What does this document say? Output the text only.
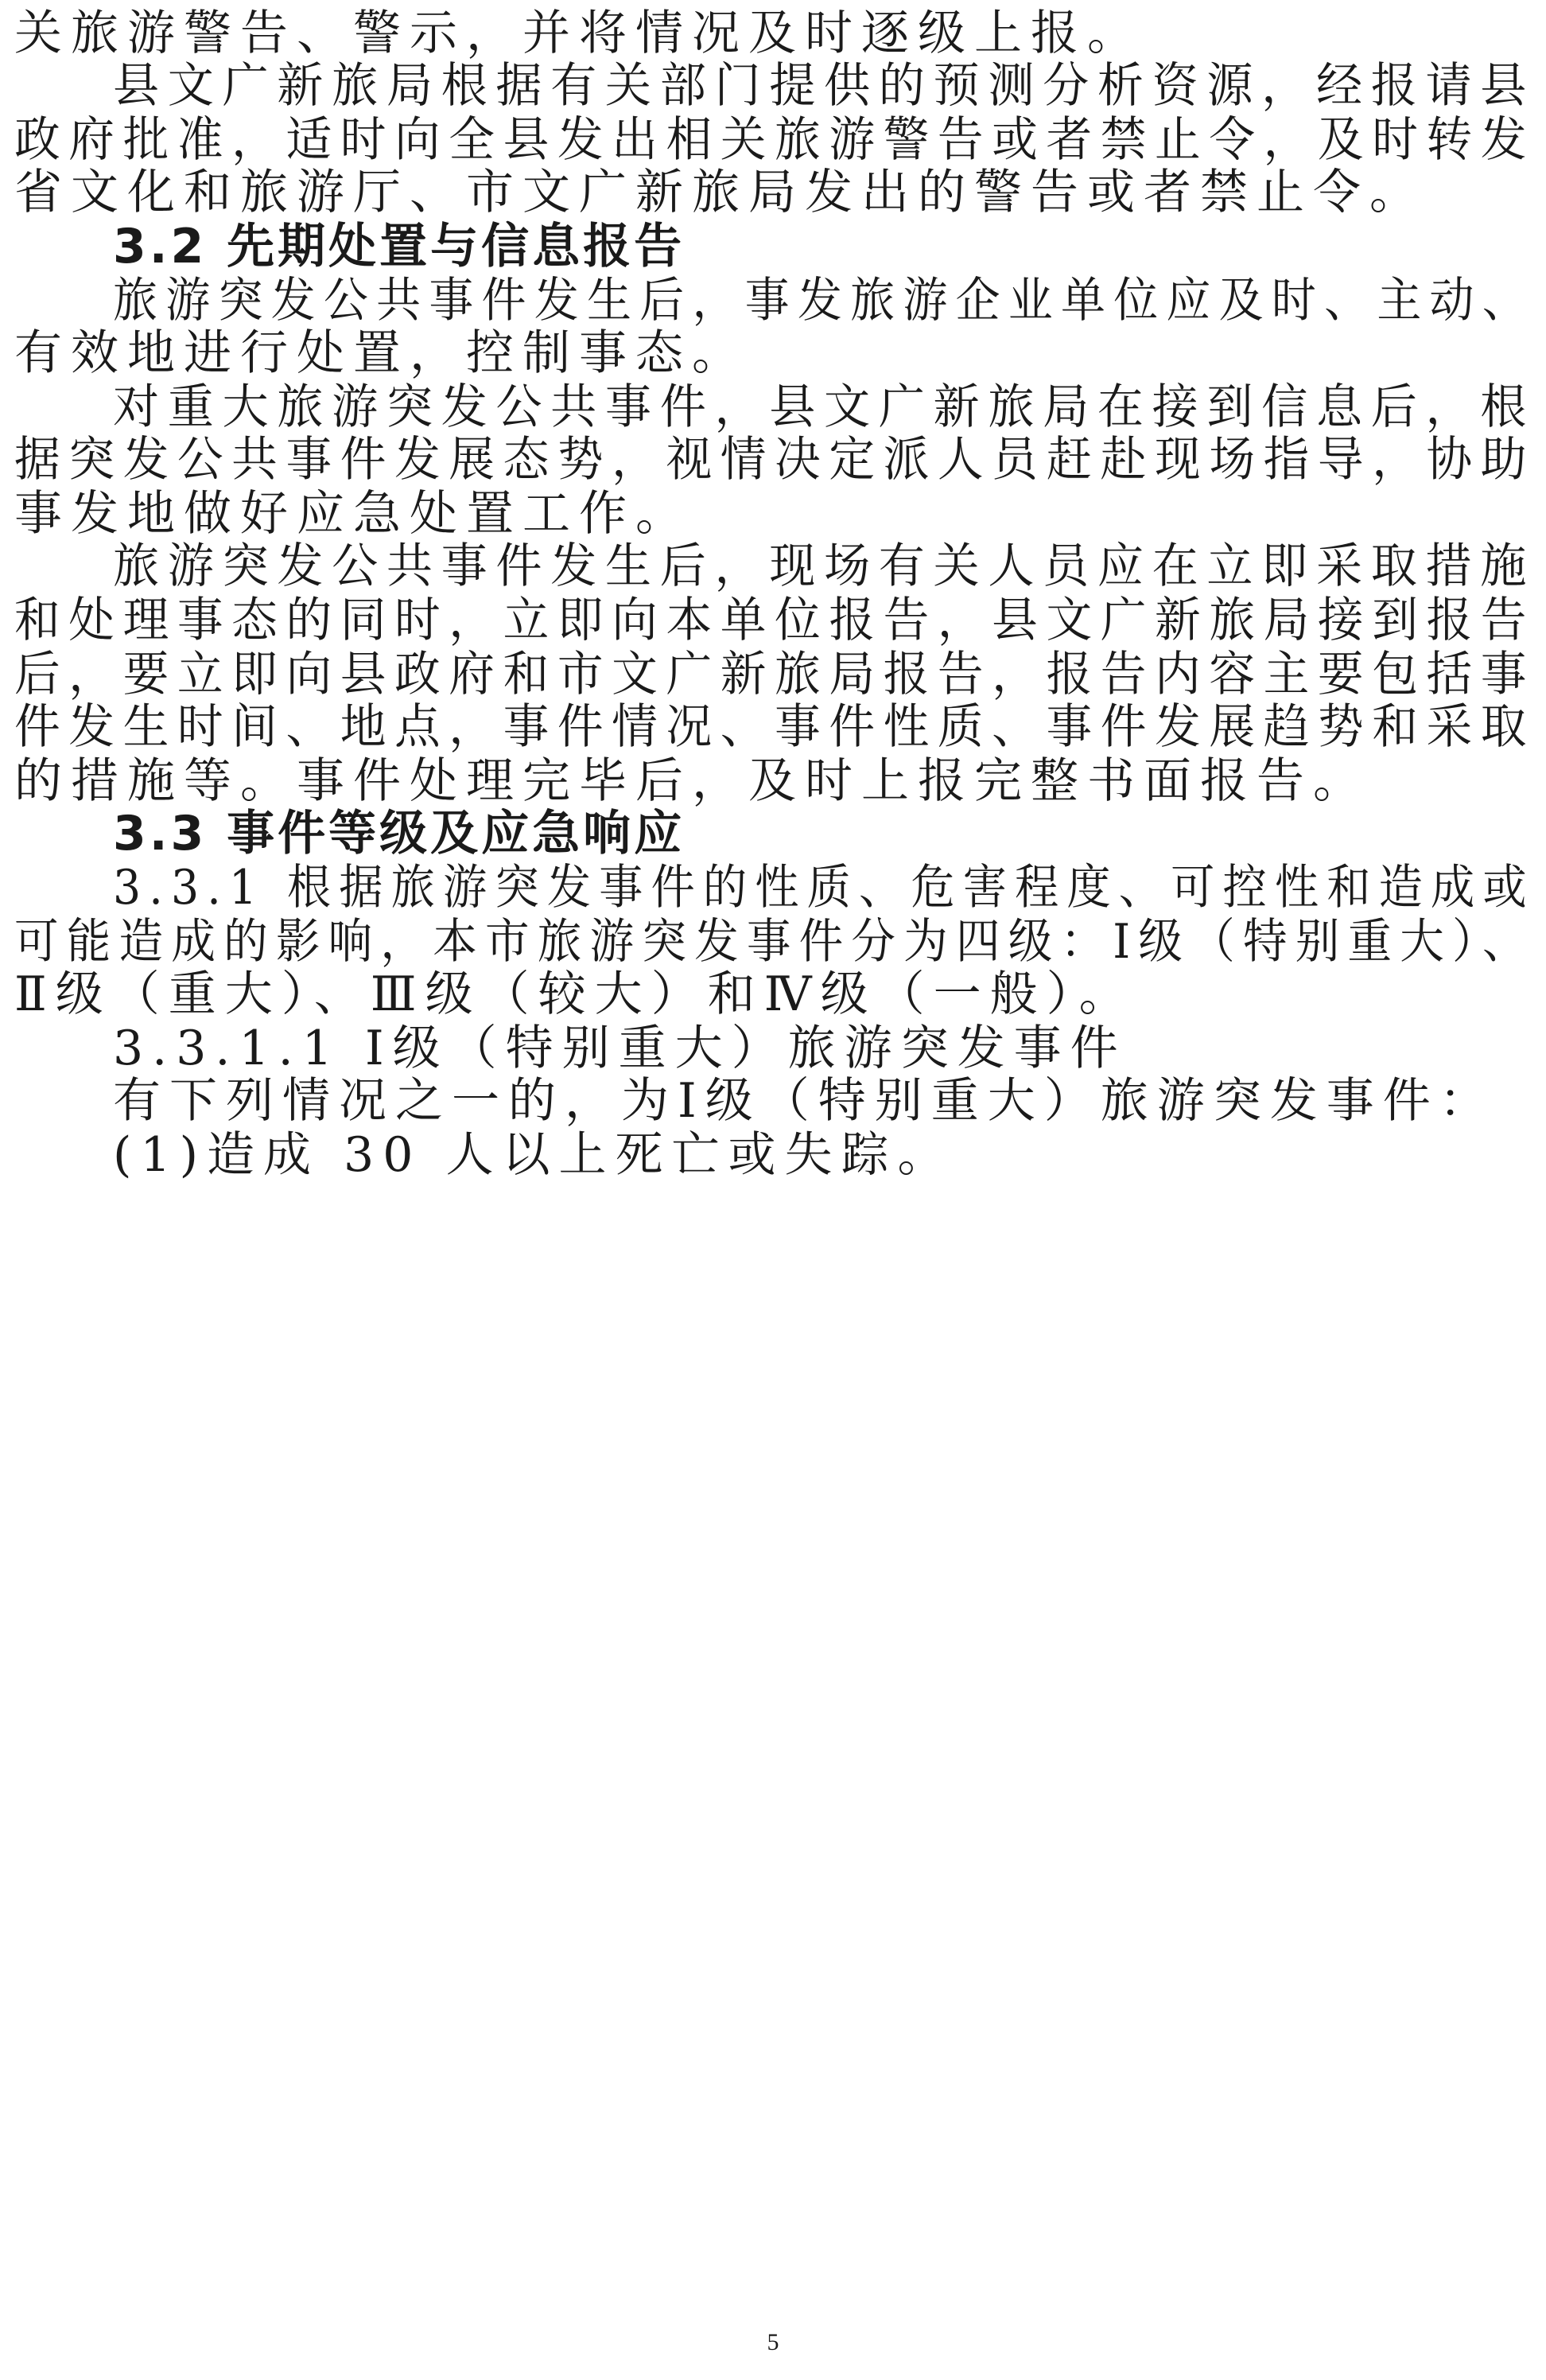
关旅游警告、警示，并将情况及时逐级上报。
县文广新旅局根据有关部门提供的预测分析资源，经报请县
政府批准，适时向全县发出相关旅游警告或者禁止令，及时转发
省文化和旅游厅、市文广新旅局发出的警告或者禁止令。
3.2 先期处置与信息报告
旅游突发公共事件发生后，事发旅游企业单位应及时、主动、
有效地进行处置，控制事态。
对重大旅游突发公共事件，县文广新旅局在接到信息后，根
据突发公共事件发展态势，视情决定派人员赶赴现场指导，协助
事发地做好应急处置工作。
旅游突发公共事件发生后，现场有关人员应在立即采取措施
和处理事态的同时，立即向本单位报告，县文广新旅局接到报告
后，要立即向县政府和市文广新旅局报告，报告内容主要包括事
件发生时间、地点，事件情况、事件性质、事件发展趋势和采取
的措施等。事件处理完毕后，及时上报完整书面报告。
3.3 事件等级及应急响应
3.3.1 根据旅游突发事件的性质、危害程度、可控性和造成或
可能造成的影响，本市旅游突发事件分为四级：Ⅰ级（特别重大）、
Ⅱ级（重大）、Ⅲ级（较大）和Ⅳ级（一般）。
3.3.1.1 Ⅰ级（特别重大）旅游突发事件
有下列情况之一的，为Ⅰ级（特别重大）旅游突发事件：
(1)造成 30 人以上死亡或失踪。
5
